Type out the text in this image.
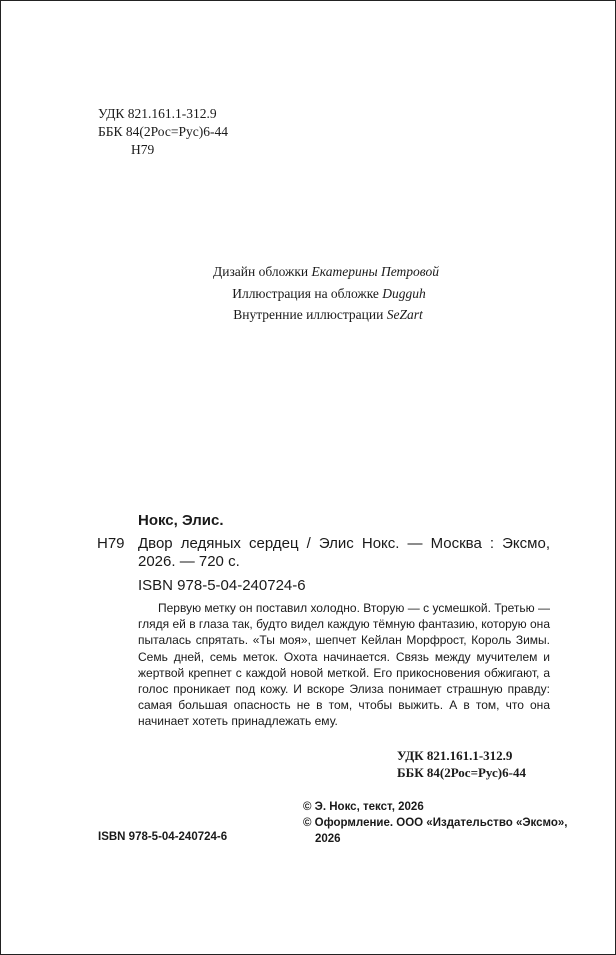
УДК 821.161.1-312.9
ББК 84(2Рос=Рус)6-44
Н79
Дизайн обложки Екатерины Петровой
Иллюстрация на обложке Dugguh
Внутренние иллюстрации SeZart
Нокс, Элис.
Н79 Двор ледяных сердец / Элис Нокс. — Москва : Эксмо, 2026. — 720 с.
ISBN 978-5-04-240724-6
Первую метку он поставил холодно. Вторую — с усмешкой. Третью — глядя ей в глаза так, будто видел каждую тёмную фантазию, которую она пыталась спрятать. «Ты моя», шепчет Кейлан Морфрост, Король Зимы. Семь дней, семь меток. Охота начинается. Связь между мучителем и жертвой крепнет с каждой новой меткой. Его прикосновения обжигают, а голос проникает под кожу. И вскоре Элиза понимает страшную правду: самая большая опасность не в том, чтобы выжить. А в том, что она начинает хотеть принадлежать ему.
УДК 821.161.1-312.9
ББК 84(2Рос=Рус)6-44
© Э. Нокс, текст, 2026
© Оформление. ООО «Издательство «Эксмо»,
2026
ISBN 978-5-04-240724-6
